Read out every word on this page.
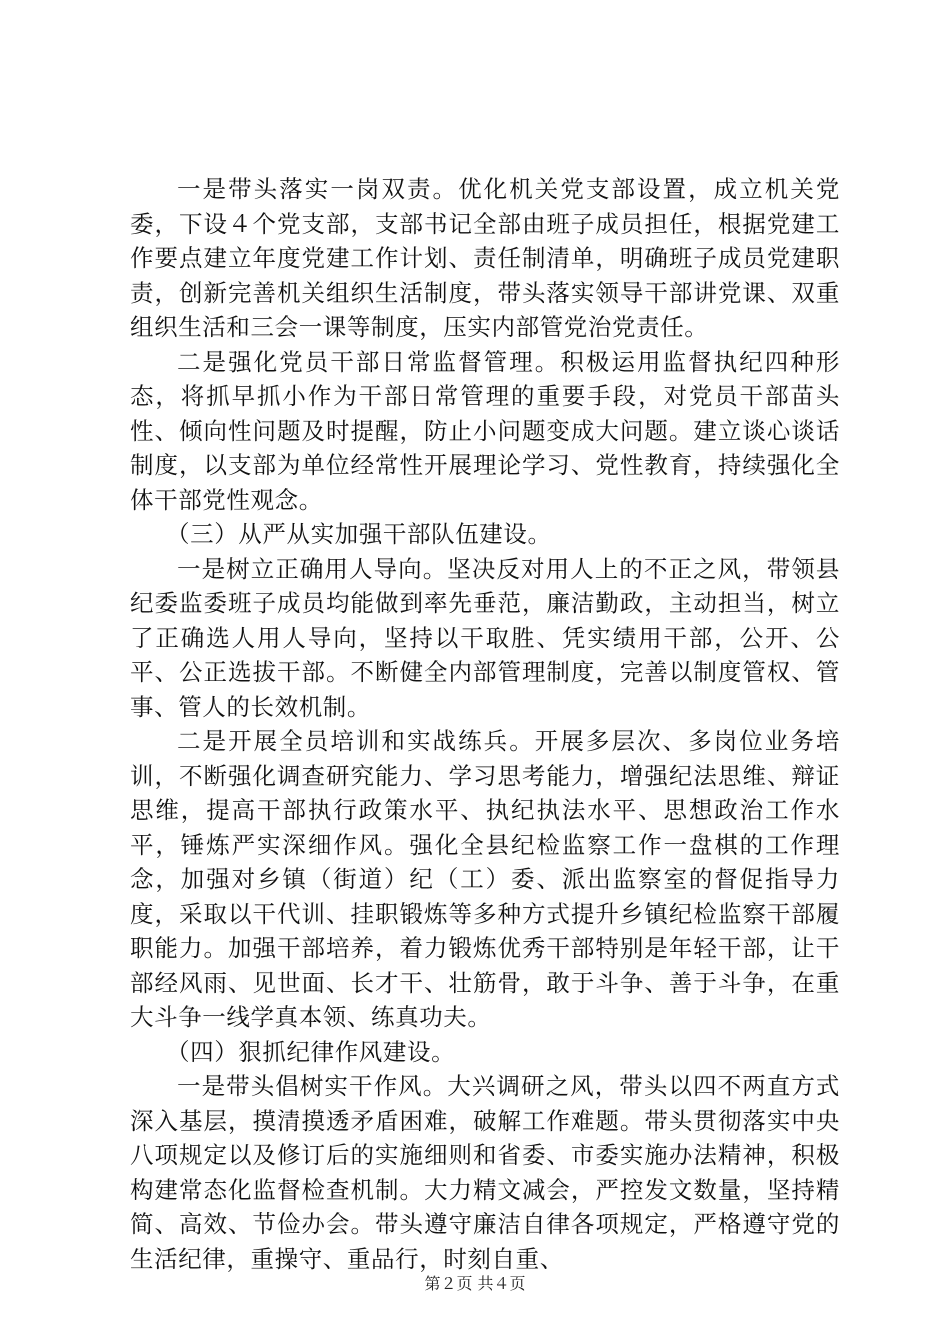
一是带头落实一岗双责。优化机关党支部设置，成立机关党委，下设４个党支部，支部书记全部由班子成员担任，根据党建工作要点建立年度党建工作计划、责任制清单，明确班子成员党建职责，创新完善机关组织生活制度，带头落实领导干部讲党课、双重组织生活和三会一课等制度，压实内部管党治党责任。

二是强化党员干部日常监督管理。积极运用监督执纪四种形态，将抓早抓小作为干部日常管理的重要手段，对党员干部苗头性、倾向性问题及时提醒，防止小问题变成大问题。建立谈心谈话制度，以支部为单位经常性开展理论学习、党性教育，持续强化全体干部党性观念。

（三）从严从实加强干部队伍建设。

一是树立正确用人导向。坚决反对用人上的不正之风，带领县纪委监委班子成员均能做到率先垂范，廉洁勤政，主动担当，树立了正确选人用人导向，坚持以干取胜、凭实绩用干部，公开、公平、公正选拔干部。不断健全内部管理制度，完善以制度管权、管事、管人的长效机制。

二是开展全员培训和实战练兵。开展多层次、多岗位业务培训，不断强化调查研究能力、学习思考能力，增强纪法思维、辩证思维，提高干部执行政策水平、执纪执法水平、思想政治工作水平，锤炼严实深细作风。强化全县纪检监察工作一盘棋的工作理念，加强对乡镇（街道）纪（工）委、派出监察室的督促指导力度，采取以干代训、挂职锻炼等多种方式提升乡镇纪检监察干部履职能力。加强干部培养，着力锻炼优秀干部特别是年轻干部，让干部经风雨、见世面、长才干、壮筋骨，敢于斗争、善于斗争，在重大斗争一线学真本领、练真功夫。

（四）狠抓纪律作风建设。

一是带头倡树实干作风。大兴调研之风，带头以四不两直方式深入基层，摸清摸透矛盾困难，破解工作难题。带头贯彻落实中央八项规定以及修订后的实施细则和省委、市委实施办法精神，积极构建常态化监督检查机制。大力精文减会，严控发文数量，坚持精简、高效、节俭办会。带头遵守廉洁自律各项规定，严格遵守党的生活纪律，重操守、重品行，时刻自重、

第２页 共４页
